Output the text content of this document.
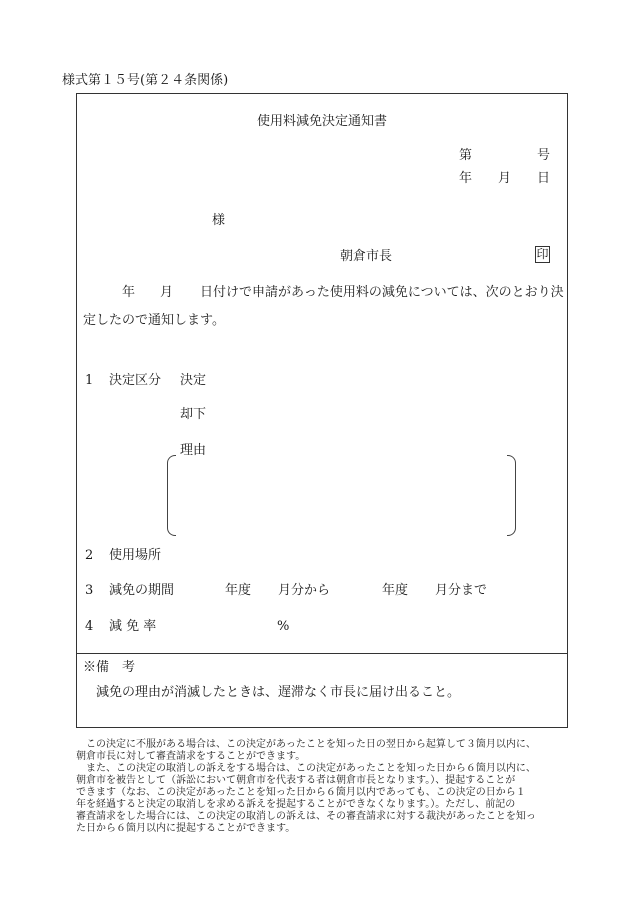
様式第１５号(第２４条関係)
使用料減免決定通知書
第	号
年 月 日
様
朝倉市長	印
年 月 日付けで申請があった使用料の減免については、次のとおり決
定したので通知します。
1 決定区分 決定
却下
理由
2 使用場所
3 減免の期間	年度 月分から	年度 月分まで
4 減 免 率	%
※備　考
減免の理由が消滅したときは、遅滞なく市長に届け出ること。
　この決定に不服がある場合は、この決定があったことを知った日の翌日から起算して３箇月以内に、
朝倉市長に対して審査請求をすることができます。
　また、この決定の取消しの訴えをする場合は、この決定があったことを知った日から６箇月以内に、
朝倉市を被告として（訴訟において朝倉市を代表する者は朝倉市長となります。）、提起することが
できます（なお、この決定があったことを知った日から６箇月以内であっても、この決定の日から１
年を経過すると決定の取消しを求める訴えを提起することができなくなります。）。ただし、前記の
審査請求をした場合には、この決定の取消しの訴えは、その審査請求に対する裁決があったことを知っ
た日から６箇月以内に提起することができます。
